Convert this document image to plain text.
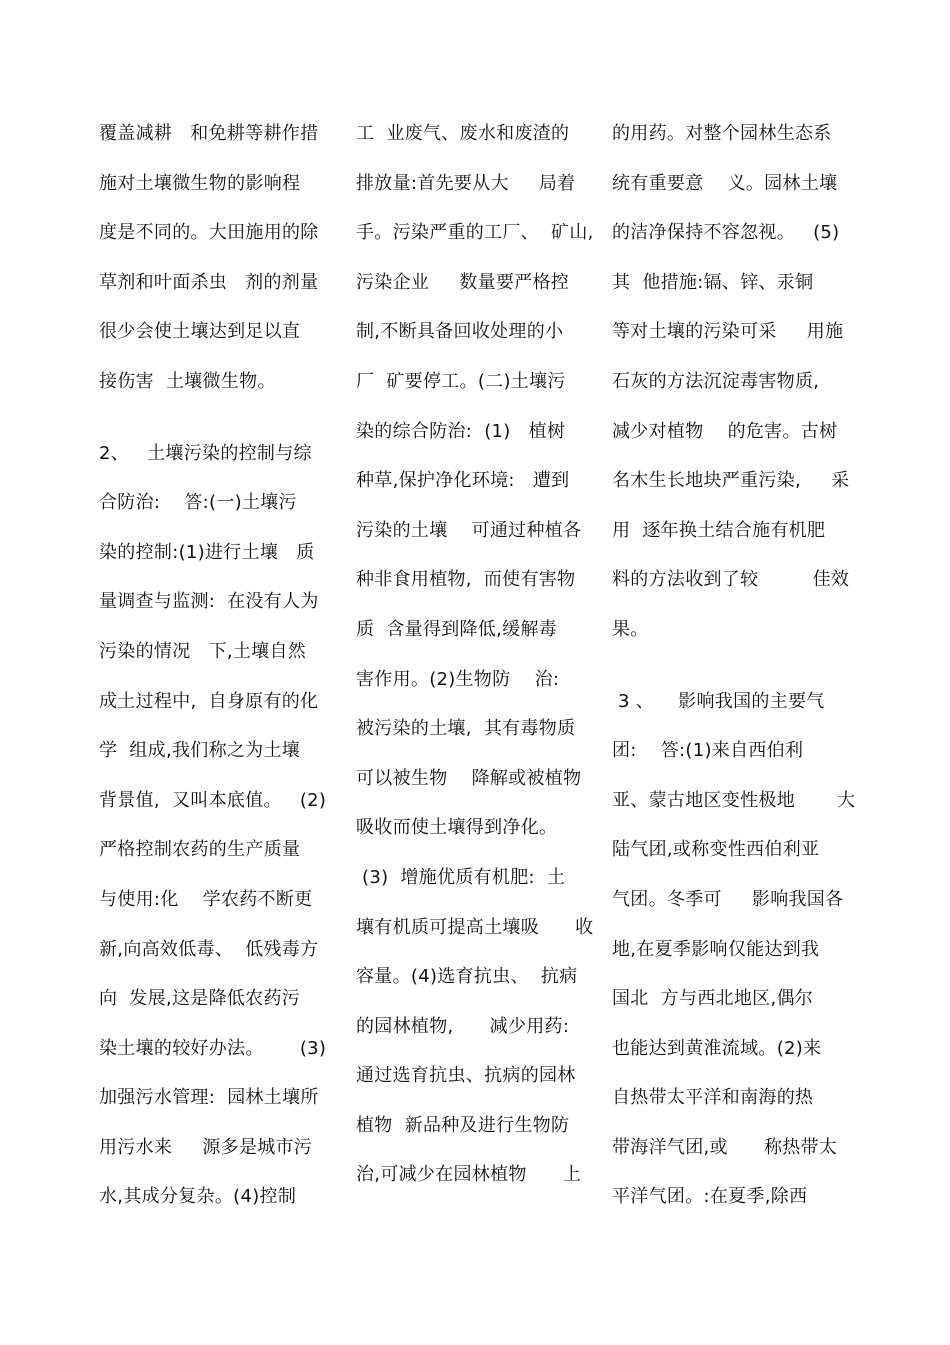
覆盖减耕   和免耕等耕作措
施对土壤微生物的影响程
度是不同的。大田施用的除
草剂和叶面杀虫   剂的剂量
很少会使土壤达到足以直
接伤害  土壤微生物。
2、   土壤污染的控制与综
合防治:    答:(一)土壤污
染的控制:(1)进行土壤   质
量调查与监测:  在没有人为
污染的情况   下,土壤自然
成土过程中,  自身原有的化
学  组成,我们称之为土壤
背景值,  又叫本底值。   (2)
严格控制农药的生产质量
与使用:化    学农药不断更
新,向高效低毒、  低残毒方
向  发展,这是降低农药污
染土壤的较好办法。      (3)
加强污水管理:  园林土壤所
用污水来     源多是城市污
水,其成分复杂。(4)控制
工  业废气、废水和废渣的
排放量:首先要从大     局着
手。污染严重的工厂、  矿山,
污染企业     数量要严格控
制,不断具备回收处理的小
厂  矿要停工。(二)土壤污
染的综合防治:  (1)   植树
种草,保护净化环境:   遭到
污染的土壤    可通过种植各
种非食用植物,  而使有害物
质  含量得到降低,缓解毒
害作用。(2)生物防    治:
被污染的土壤,  其有毒物质
可以被生物    降解或被植物
吸收而使土壤得到净化。
(3)  增施优质有机肥:  土
壤有机质可提高土壤吸      收
容量。(4)选育抗虫、  抗病
的园林植物,      减少用药:
通过选育抗虫、抗病的园林
植物  新品种及进行生物防
治,可减少在园林植物      上
的用药。对整个园林生态系
统有重要意    义。园林土壤
的洁净保持不容忽视。   (5)
其  他措施:镉、锌、汞铜
等对土壤的污染可采     用施
石灰的方法沉淀毒害物质,
减少对植物    的危害。古树
名木生长地块严重污染,     采
用  逐年换土结合施有机肥
料的方法收到了较         佳效
果。
3 、    影响我国的主要气
团:    答:(1)来自西伯利
亚、蒙古地区变性极地       大
陆气团,或称变性西伯利亚
气团。冬季可     影响我国各
地,在夏季影响仅能达到我
国北  方与西北地区,偶尔
也能达到黄淮流域。(2)来
自热带太平洋和南海的热
带海洋气团,或      称热带太
平洋气团。:在夏季,除西
